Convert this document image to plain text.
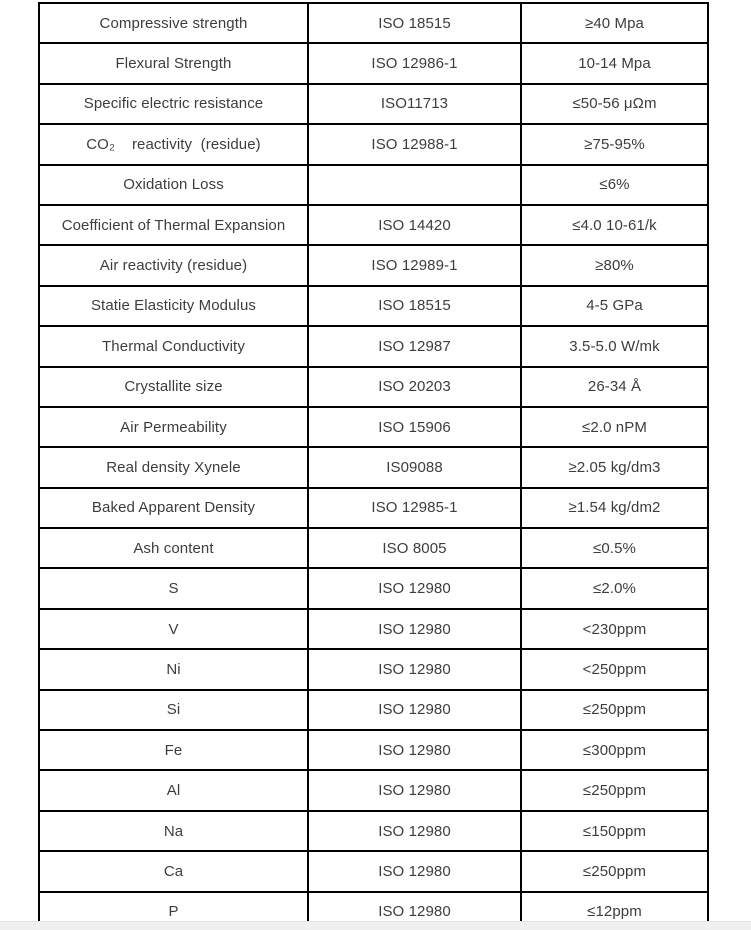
Compressive strength	ISO 18515	≥40 Mpa
Flexural Strength	ISO 12986-1	10-14 Mpa
Specific electric resistance	ISO11713	≤50-56 μΩm
CO₂    reactivity  (residue)	ISO 12988-1	≥75-95%
Oxidation Loss		≤6%
Coefficient of Thermal Expansion	ISO 14420	≤4.0 10-61/k
Air reactivity (residue)	ISO 12989-1	≥80%
Statie Elasticity Modulus	ISO 18515	4-5 GPa
Thermal Conductivity	ISO 12987	3.5-5.0 W/mk
Crystallite size	ISO 20203	26-34 Å
Air Permeability	ISO 15906	≤2.0 nPM
Real density Xynele	IS09088	≥2.05 kg/dm3
Baked Apparent Density	ISO 12985-1	≥1.54 kg/dm2
Ash content	ISO 8005	≤0.5%
S	ISO 12980	≤2.0%
V	ISO 12980	<230ppm
Ni	ISO 12980	<250ppm
Si	ISO 12980	≤250ppm
Fe	ISO 12980	≤300ppm
Al	ISO 12980	≤250ppm
Na	ISO 12980	≤150ppm
Ca	ISO 12980	≤250ppm
P	ISO 12980	≤12ppm
